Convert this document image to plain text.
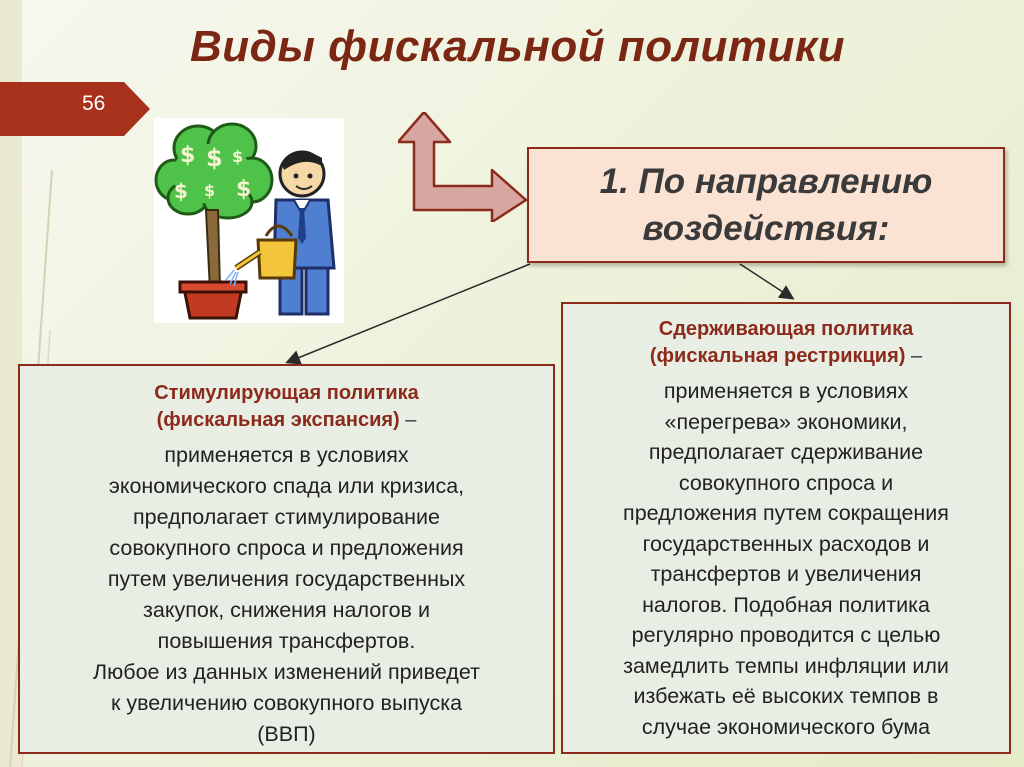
56
Виды фискальной политики
$ $ $
$ $ $	1. По направлению
воздействия:
Стимулирующая политика
(фискальная экспансия) –
применяется в условиях
экономического спада или кризиса,
предполагает стимулирование
совокупного спроса и предложения
путем увеличения государственных
закупок, снижения налогов и
повышения трансфертов.
Любое из данных изменений приведет
к увеличению совокупного выпуска
(ВВП)
Сдерживающая политика
(фискальная рестрикция) –
применяется в условиях
«перегрева» экономики,
предполагает сдерживание
совокупного спроса и
предложения путем сокращения
государственных расходов и
трансфертов и увеличения
налогов. Подобная политика
регулярно проводится с целью
замедлить темпы инфляции или
избежать её высоких темпов в
случае экономического бума
